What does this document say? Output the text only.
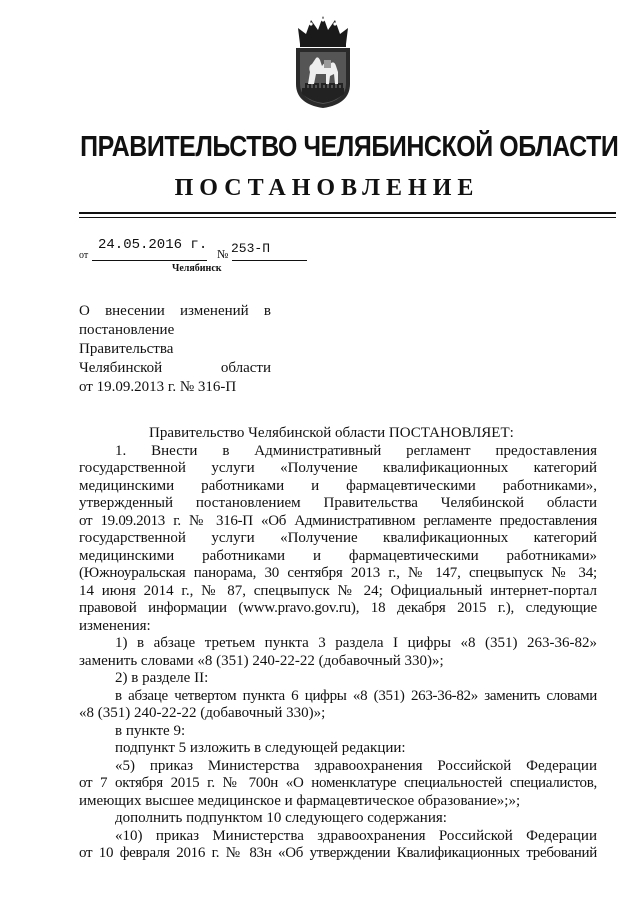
ПРАВИТЕЛЬСТВО ЧЕЛЯБИНСКОЙ ОБЛАСТИ
ПОСТАНОВЛЕНИЕ
от
24.05.2016 г.
№ 253-П
Челябинск
О внесении изменений в
постановление Правительства
Челябинской области
от 19.09.2013 г. № 316-П
Правительство Челябинской области ПОСТАНОВЛЯЕТ:
1. Внести в Административный регламент предоставления
государственной услуги «Получение квалификационных категорий
медицинскими работниками и фармацевтическими работниками»,
утвержденный постановлением Правительства Челябинской области
от 19.09.2013 г. № 316-П «Об Административном регламенте предоставления
государственной услуги «Получение квалификационных категорий
медицинскими работниками и фармацевтическими работниками»
(Южноуральская панорама, 30 сентября 2013 г., № 147, спецвыпуск № 34;
14 июня 2014 г., № 87, спецвыпуск № 24; Официальный интернет-портал
правовой информации (www.pravo.gov.ru), 18 декабря 2015 г.), следующие
изменения:
1) в абзаце третьем пункта 3 раздела I цифры «8 (351) 263-36-82»
заменить словами «8 (351) 240-22-22 (добавочный 330)»;
2) в разделе II:
в абзаце четвертом пункта 6 цифры «8 (351) 263-36-82» заменить словами
«8 (351) 240-22-22 (добавочный 330)»;
в пункте 9:
подпункт 5 изложить в следующей редакции:
«5) приказ Министерства здравоохранения Российской Федерации
от 7 октября 2015 г. № 700н «О номенклатуре специальностей специалистов,
имеющих высшее медицинское и фармацевтическое образование»;»;
дополнить подпунктом 10 следующего содержания:
«10) приказ Министерства здравоохранения Российской Федерации
от 10 февраля 2016 г. № 83н «Об утверждении Квалификационных требований
